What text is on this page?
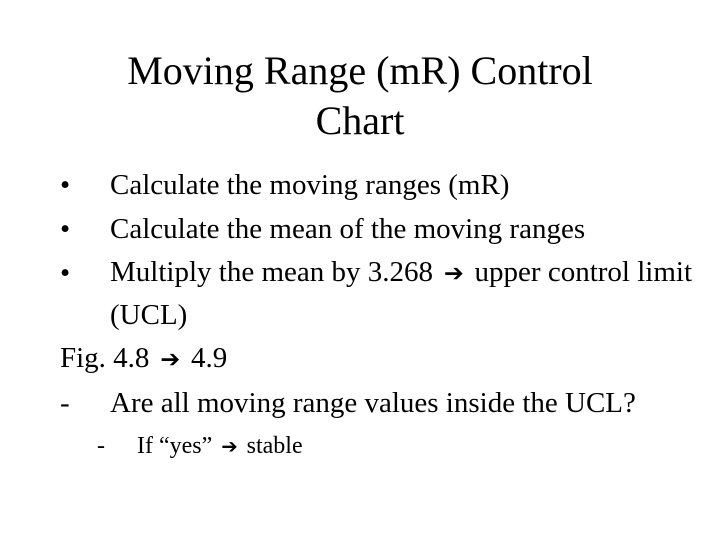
Moving Range (mR) Control
Chart
•	Calculate the moving ranges (mR)
•	Calculate the mean of the moving ranges
•	Multiply the mean by 3.268 ➔ upper control limit (UCL)
Fig. 4.8 ➔ 4.9
-	Are all moving range values inside the UCL?
-	If “yes” ➔ stable
